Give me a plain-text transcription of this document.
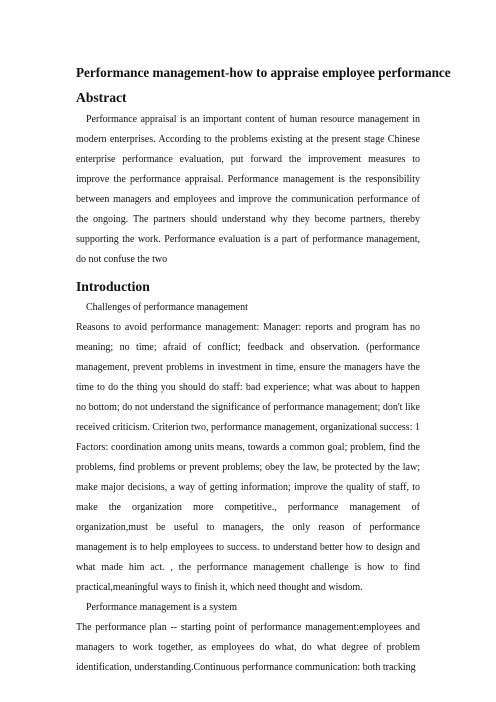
Performance management-how to appraise employee performance
Abstract

Performance appraisal is an important content of human resource management in modern enterprises. According to the problems existing at the present stage Chinese enterprise performance evaluation, put forward the improvement measures to improve the performance appraisal. Performance management is the responsibility between managers and employees and improve the communication performance of the ongoing. The partners should understand why they become partners, thereby supporting the work. Performance evaluation is a part of performance management, do not confuse the two

Introduction

Challenges of performance management

Reasons to avoid performance management: Manager: reports and program has no meaning; no time; afraid of conflict; feedback and observation. (performance management, prevent problems in investment in time, ensure the managers have the time to do the thing you should do staff: bad experience; what was about to happen no bottom; do not understand the significance of performance management; don't like received criticism. Criterion two, performance management, organizational success: 1 Factors: coordination among units means, towards a common goal; problem, find the problems, find problems or prevent problems; obey the law, be protected by the law; make major decisions, a way of getting information; improve the quality of staff, to make the organization more competitive., performance management of organization,must be useful to managers, the only reason of performance management is to help employees to success. to understand better how to design and what made him act. , the performance management challenge is how to find practical,meaningful ways to finish it, which need thought and wisdom.

Performance management is a system

The performance plan -- starting point of performance management:employees and managers to work together, as employees do what, do what degree of problem identification, understanding.Continuous performance communication: both tracking
